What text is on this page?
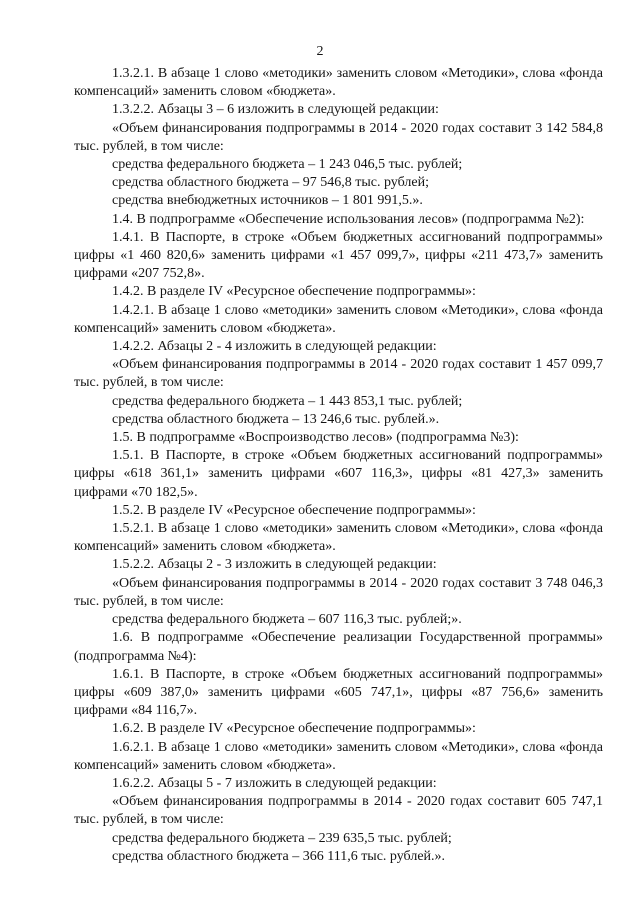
2

1.3.2.1. В абзаце 1 слово «методики» заменить словом «Методики», слова «фонда компенсаций» заменить словом «бюджета».

1.3.2.2. Абзацы 3 – 6 изложить в следующей редакции:

«Объем финансирования подпрограммы в 2014 - 2020 годах составит 3 142 584,8 тыс. рублей, в том числе:

средства федерального бюджета – 1 243 046,5 тыс. рублей;

средства областного бюджета – 97 546,8 тыс. рублей;

средства внебюджетных источников – 1 801 991,5.».

1.4. В подпрограмме «Обеспечение использования лесов» (подпрограмма №2):

1.4.1. В Паспорте, в строке «Объем бюджетных ассигнований подпрограммы» цифры «1 460 820,6» заменить цифрами «1 457 099,7», цифры «211 473,7» заменить цифрами «207 752,8».

1.4.2. В разделе IV «Ресурсное обеспечение подпрограммы»:

1.4.2.1. В абзаце 1 слово «методики» заменить словом «Методики», слова «фонда компенсаций» заменить словом «бюджета».

1.4.2.2. Абзацы 2 - 4 изложить в следующей редакции:

«Объем финансирования подпрограммы в 2014 - 2020 годах составит 1 457 099,7 тыс. рублей, в том числе:

средства федерального бюджета – 1 443 853,1 тыс. рублей;

средства областного бюджета – 13 246,6 тыс. рублей.».

1.5. В подпрограмме «Воспроизводство лесов» (подпрограмма №3):

1.5.1. В Паспорте, в строке «Объем бюджетных ассигнований подпрограммы» цифры «618 361,1» заменить цифрами «607 116,3», цифры «81 427,3» заменить цифрами «70 182,5».

1.5.2. В разделе IV «Ресурсное обеспечение подпрограммы»:

1.5.2.1. В абзаце 1 слово «методики» заменить словом «Методики», слова «фонда компенсаций» заменить словом «бюджета».

1.5.2.2. Абзацы 2 - 3 изложить в следующей редакции:

«Объем финансирования подпрограммы в 2014 - 2020 годах составит 3 748 046,3 тыс. рублей, в том числе:

средства федерального бюджета – 607 116,3 тыс. рублей;».

1.6. В подпрограмме «Обеспечение реализации Государственной программы» (подпрограмма №4):

1.6.1. В Паспорте, в строке «Объем бюджетных ассигнований подпрограммы» цифры «609 387,0» заменить цифрами «605 747,1», цифры «87 756,6» заменить цифрами «84 116,7».

1.6.2. В разделе IV «Ресурсное обеспечение подпрограммы»:

1.6.2.1. В абзаце 1 слово «методики» заменить словом «Методики», слова «фонда компенсаций» заменить словом «бюджета».

1.6.2.2. Абзацы 5 - 7 изложить в следующей редакции:

«Объем финансирования подпрограммы в 2014 - 2020 годах составит 605 747,1 тыс. рублей, в том числе:

средства федерального бюджета – 239 635,5 тыс. рублей;

средства областного бюджета – 366 111,6 тыс. рублей.».
